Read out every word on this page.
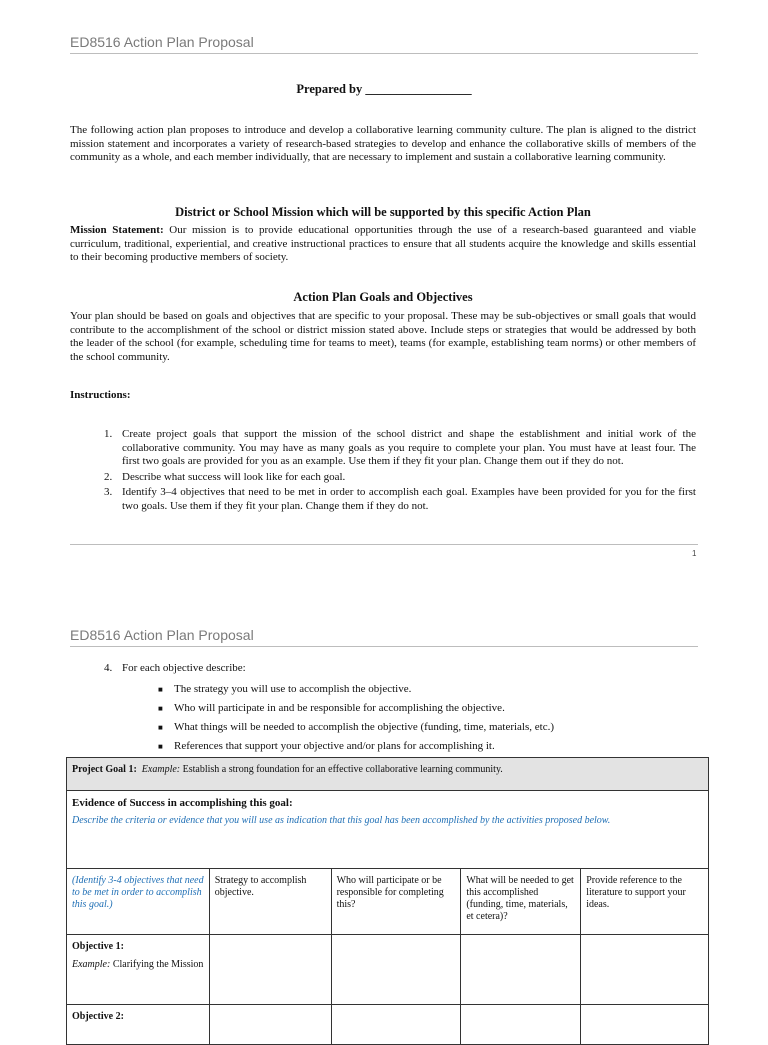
ED8516 Action Plan Proposal
Prepared by _________________
The following action plan proposes to introduce and develop a collaborative learning community culture. The plan is aligned to the district mission statement and incorporates a variety of research-based strategies to develop and enhance the collaborative skills of members of the community as a whole, and each member individually, that are necessary to implement and sustain a collaborative learning community.
District or School Mission which will be supported by this specific Action Plan
Mission Statement: Our mission is to provide educational opportunities through the use of a research-based guaranteed and viable curriculum, traditional, experiential, and creative instructional practices to ensure that all students acquire the knowledge and skills essential to their becoming productive members of society.
Action Plan Goals and Objectives
Your plan should be based on goals and objectives that are specific to your proposal. These may be sub-objectives or small goals that would contribute to the accomplishment of the school or district mission stated above. Include steps or strategies that would be addressed by both the leader of the school (for example, scheduling time for teams to meet), teams (for example, establishing team norms) or other members of the school community.
Instructions:
1. Create project goals that support the mission of the school district and shape the establishment and initial work of the collaborative community. You may have as many goals as you require to complete your plan. You must have at least four. The first two goals are provided for you as an example. Use them if they fit your plan. Change them out if they do not.
2. Describe what success will look like for each goal.
3. Identify 3–4 objectives that need to be met in order to accomplish each goal. Examples have been provided for you for the first two goals. Use them if they fit your plan. Change them if they do not.
1
ED8516 Action Plan Proposal
4. For each objective describe:
■ The strategy you will use to accomplish the objective.
■ Who will participate in and be responsible for accomplishing the objective.
■ What things will be needed to accomplish the objective (funding, time, materials, etc.)
■ References that support your objective and/or plans for accomplishing it.
Project Goal 1: Example: Establish a strong foundation for an effective collaborative learning community.				

Evidence of Success in accomplishing this goal:
Describe the criteria or evidence that you will use as indication that this goal has been accomplished by the activities proposed below.				

(Identify 3-4 objectives that need to be met in order to accomplish this goal.)	Strategy to accomplish objective.	Who will participate or be responsible for completing this?	What will be needed to get this accomplished (funding, time, materials, et cetera)?	Provide reference to the literature to support your ideas.

Objective 1:
Example: Clarifying the Mission				

Objective 2:				
